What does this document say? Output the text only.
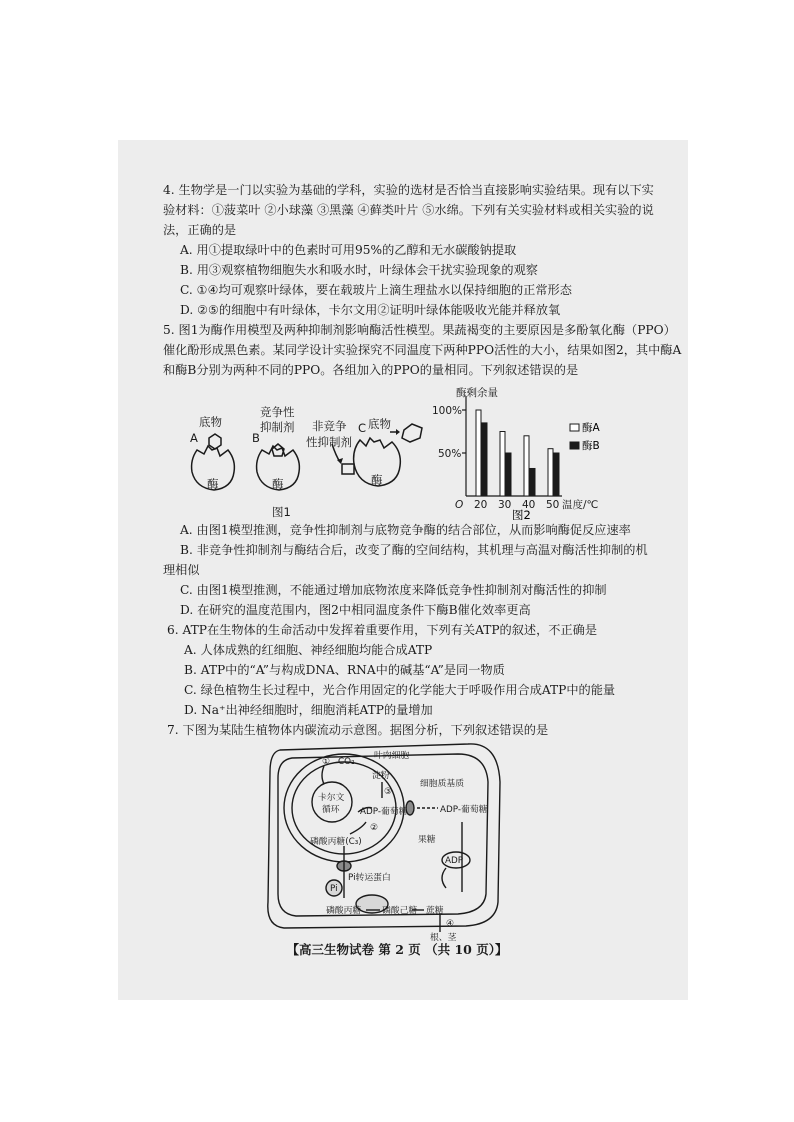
4. 生物学是一门以实验为基础的学科，实验的选材是否恰当直接影响实验结果。现有以下实
验材料：①菠菜叶 ②小球藻 ③黑藻 ④藓类叶片 ⑤水绵。下列有关实验材料或相关实验的说
法，正确的是
A. 用①提取绿叶中的色素时可用95%的乙醇和无水碳酸钠提取
B. 用③观察植物细胞失水和吸水时，叶绿体会干扰实验现象的观察
C. ①④均可观察叶绿体，要在载玻片上滴生理盐水以保持细胞的正常形态
D. ②⑤的细胞中有叶绿体，卡尔文用②证明叶绿体能吸收光能并释放氧
5. 图1为酶作用模型及两种抑制剂影响酶活性模型。果蔬褐变的主要原因是多酚氧化酶（PPO）
催化酚形成黑色素。某同学设计实验探究不同温度下两种PPO活性的大小，结果如图2，其中酶A
和酶B分别为两种不同的PPO。各组加入的PPO的量相同。下列叙述错误的是
底物
A
竞争性
抑制剂
B
非竞争
性抑制剂
C 底物
酶	酶	酶
图1
酶剩余量
100%
50%
O	温度/℃
20 30 40 50
酶A
酶B
图2
A. 由图1模型推测，竞争性抑制剂与底物竞争酶的结合部位，从而影响酶促反应速率
B. 非竞争性抑制剂与酶结合后，改变了酶的空间结构，其机理与高温对酶活性抑制的机
理相似
C. 由图1模型推测，不能通过增加底物浓度来降低竞争性抑制剂对酶活性的抑制
D. 在研究的温度范围内，图2中相同温度条件下酶B催化效率更高
6. ATP在生物体的生命活动中发挥着重要作用，下列有关ATP的叙述，不正确是
A. 人体成熟的红细胞、神经细胞均能合成ATP
B. ATP中的“A”与构成DNA、RNA中的碱基“A”是同一物质
C. 绿色植物生长过程中，光合作用固定的化学能大于呼吸作用合成ATP中的能量
D. Na⁺出神经细胞时，细胞消耗ATP的量增加
7. 下图为某陆生植物体内碳流动示意图。据图分析，下列叙述错误的是
叶肉细胞
细胞质基质
① CO₂
淀粉
③
卡尔文
循环 ADP-葡萄糖	ADP-葡萄糖
②
磷酸丙糖(C₃)	果糖
ADP
Pi
Pi转运蛋白
磷酸丙糖 磷酸己糖 蔗糖
④
根、茎
【高三生物试卷 第 2 页 （共 10 页）】
